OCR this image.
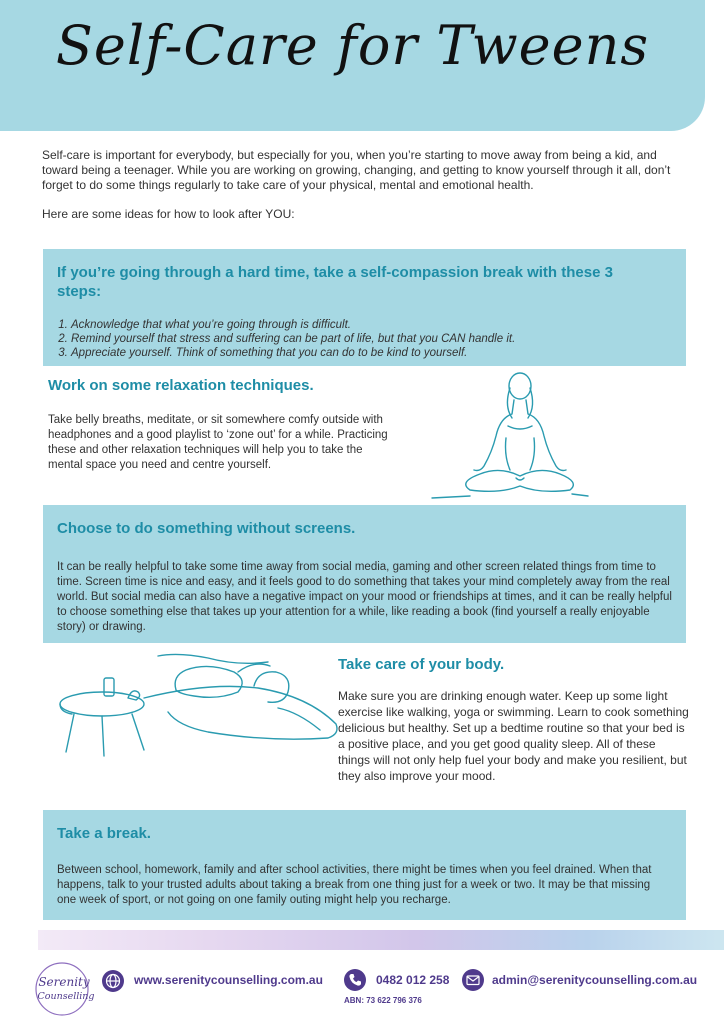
Self-Care for Tweens

Self-care is important for everybody, but especially for you, when you’re starting to move away from being a kid, and toward being a teenager. While you are working on growing, changing, and getting to know yourself through it all, don’t forget to do some things regularly to take care of your physical, mental and emotional health.

Here are some ideas for how to look after YOU:

If you’re going through a hard time, take a self-compassion break with these 3 steps:
1. Acknowledge that what you’re going through is difficult.
2. Remind yourself that stress and suffering can be part of life, but that you CAN handle it.
3. Appreciate yourself. Think of something that you can do to be kind to yourself.
Work on some relaxation techniques.

Take belly breaths, meditate, or sit somewhere comfy outside with headphones and a good playlist to ‘zone out’ for a while. Practicing these and other relaxation techniques will help you to take the mental space you need and centre yourself.

Choose to do something without screens.

It can be really helpful to take some time away from social media, gaming and other screen related things from time to time. Screen time is nice and easy, and it feels good to do something that takes your mind completely away from the real world. But social media can also have a negative impact on your mood or friendships at times, and it can be really helpful to choose something else that takes up your attention for a while, like reading a book (find yourself a really enjoyable story) or drawing.

Take care of your body.

Make sure you are drinking enough water. Keep up some light exercise like walking, yoga or swimming. Learn to cook something delicious but healthy. Set up a bedtime routine so that your bed is a positive place, and you get good quality sleep. All of these things will not only help fuel your body and make you resilient, but they also improve your mood.

Take a break.

Between school, homework, family and after school activities, there might be times when you feel drained. When that happens, talk to your trusted adults about taking a break from one thing just for a week or two. It may be that missing one week of sport, or not going on one family outing might help you recharge.

Serenity
Counselling
www.serenitycounselling.com.au	0482 012 258	admin@serenitycounselling.com.au
ABN: 73 622 796 376
